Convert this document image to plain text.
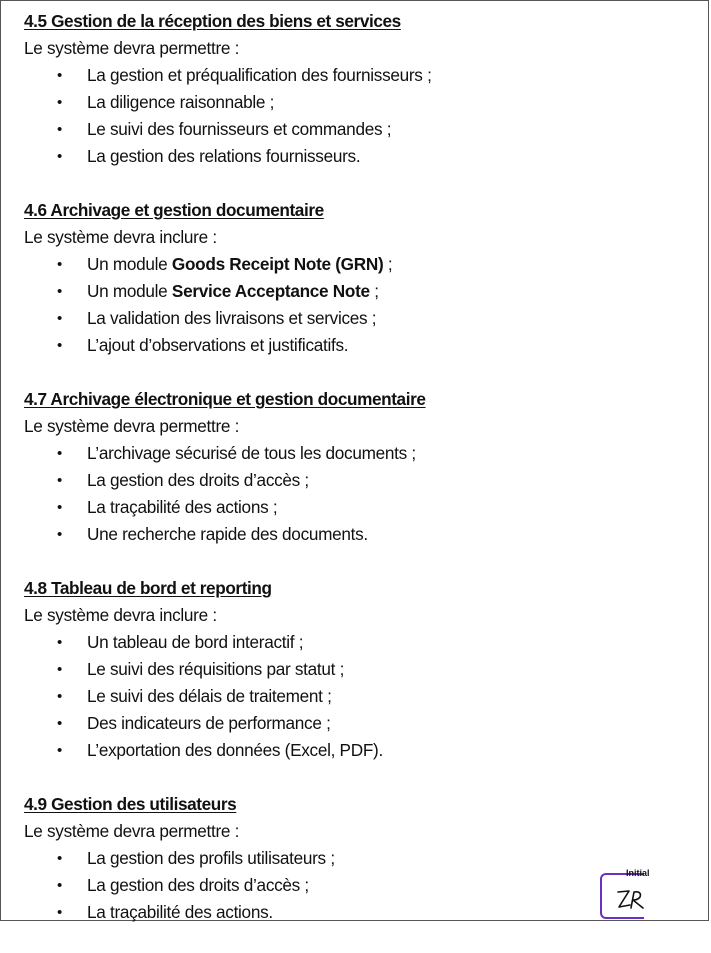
4.5 Gestion de la réception des biens et services
Le système devra permettre :
• La gestion et préqualification des fournisseurs ;
• La diligence raisonnable ;
• Le suivi des fournisseurs et commandes ;
• La gestion des relations fournisseurs.
4.6 Archivage et gestion documentaire
Le système devra inclure :
• Un module Goods Receipt Note (GRN) ;
• Un module Service Acceptance Note ;
• La validation des livraisons et services ;
• L’ajout d’observations et justificatifs.
4.7 Archivage électronique et gestion documentaire
Le système devra permettre :
• L’archivage sécurisé de tous les documents ;
• La gestion des droits d’accès ;
• La traçabilité des actions ;
• Une recherche rapide des documents.
4.8 Tableau de bord et reporting
Le système devra inclure :
• Un tableau de bord interactif ;
• Le suivi des réquisitions par statut ;
• Le suivi des délais de traitement ;
• Des indicateurs de performance ;
• L’exportation des données (Excel, PDF).
4.9 Gestion des utilisateurs
Le système devra permettre :
• La gestion des profils utilisateurs ;
• La gestion des droits d’accès ;
• La traçabilité des actions.
Initial
